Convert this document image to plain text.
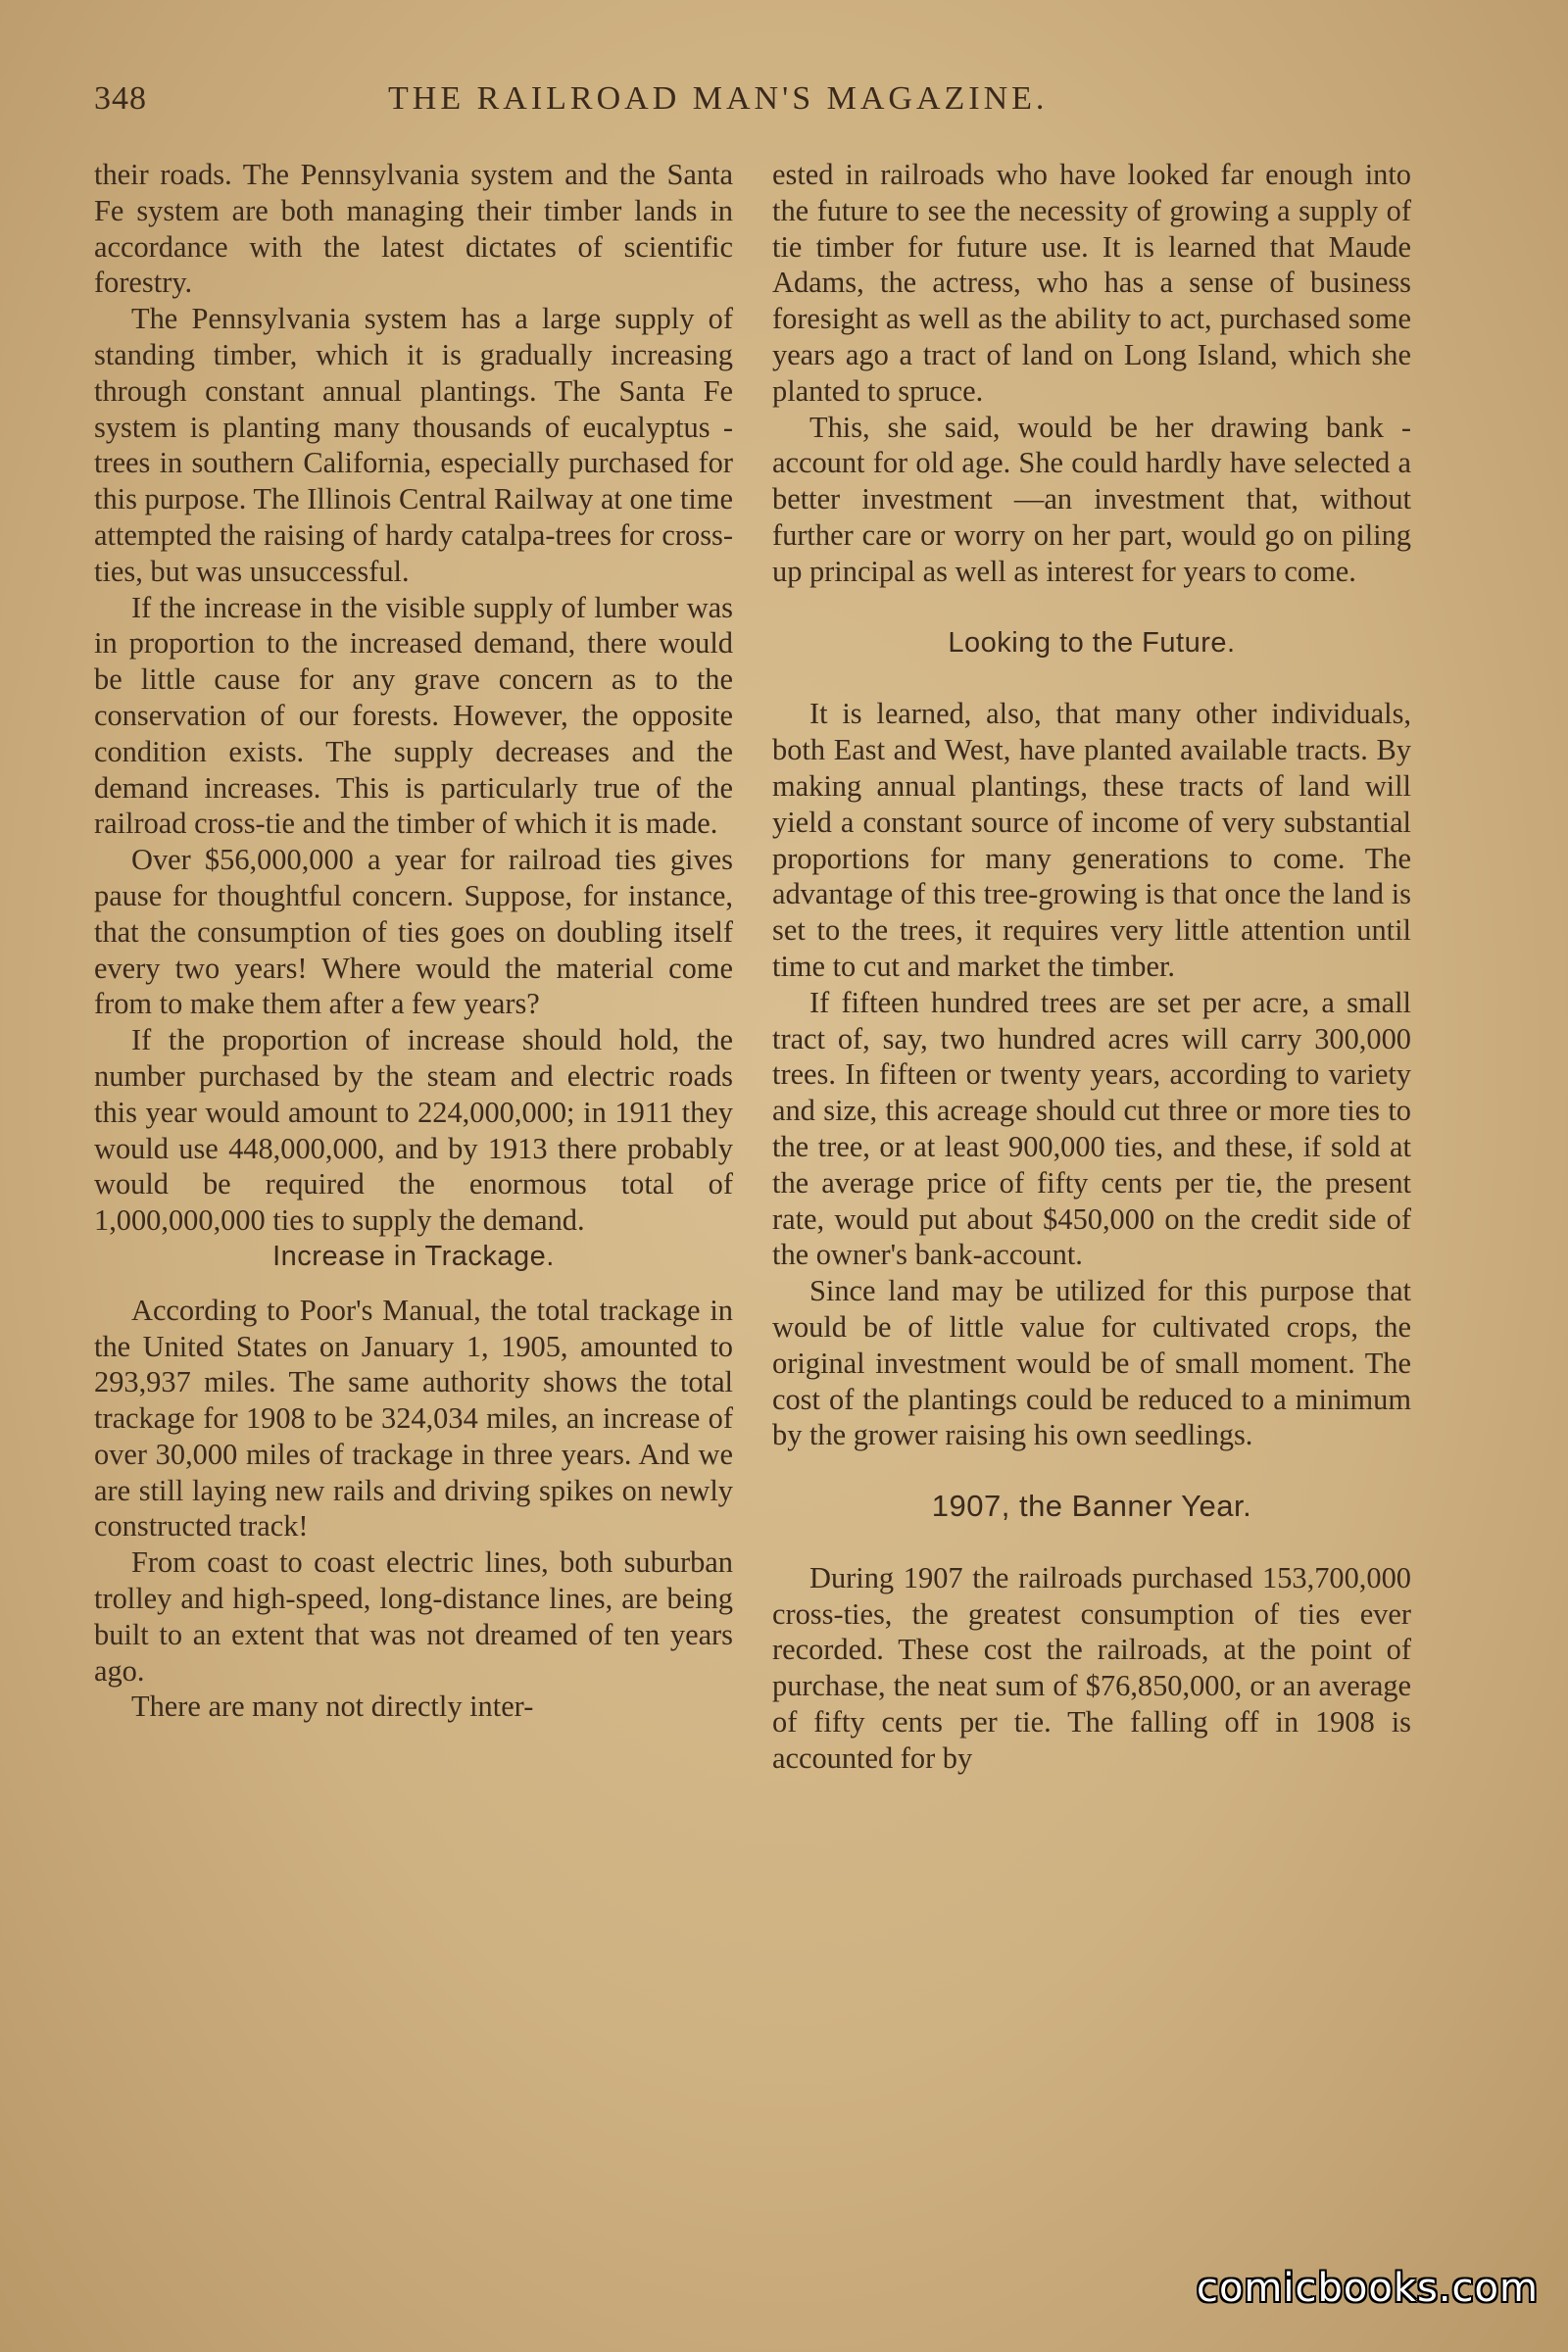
348	THE RAILROAD MAN'S MAGAZINE.

their roads. The Pennsylvania system and the Santa Fe system are both managing their timber lands in accordance with the latest dictates of scientific forestry.

The Pennsylvania system has a large supply of standing timber, which it is gradually increasing through constant annual plantings. The Santa Fe system is planting many thousands of eucalyptus - trees in southern California, especially purchased for this purpose. The Illinois Central Railway at one time attempted the raising of hardy catalpa-trees for cross-ties, but was unsuccessful.

If the increase in the visible supply of lumber was in proportion to the increased demand, there would be little cause for any grave concern as to the conservation of our forests. However, the opposite condition exists. The supply decreases and the demand increases. This is particularly true of the railroad cross-tie and the timber of which it is made.

Over $56,000,000 a year for railroad ties gives pause for thoughtful concern. Suppose, for instance, that the consumption of ties goes on doubling itself every two years! Where would the material come from to make them after a few years?

If the proportion of increase should hold, the number purchased by the steam and electric roads this year would amount to 224,000,000; in 1911 they would use 448,000,000, and by 1913 there probably would be required the enormous total of 1,000,000,000 ties to supply the demand.

Increase in Trackage.

According to Poor's Manual, the total trackage in the United States on January 1, 1905, amounted to 293,937 miles. The same authority shows the total trackage for 1908 to be 324,034 miles, an increase of over 30,000 miles of trackage in three years. And we are still laying new rails and driving spikes on newly constructed track!

From coast to coast electric lines, both suburban trolley and high-speed, long-distance lines, are being built to an extent that was not dreamed of ten years ago.

There are many not directly inter-

ested in railroads who have looked far enough into the future to see the necessity of growing a supply of tie timber for future use. It is learned that Maude Adams, the actress, who has a sense of business foresight as well as the ability to act, purchased some years ago a tract of land on Long Island, which she planted to spruce.

This, she said, would be her drawing bank - account for old age. She could hardly have selected a better investment —an investment that, without further care or worry on her part, would go on piling up principal as well as interest for years to come.

Looking to the Future.

It is learned, also, that many other individuals, both East and West, have planted available tracts. By making annual plantings, these tracts of land will yield a constant source of income of very substantial proportions for many generations to come. The advantage of this tree-growing is that once the land is set to the trees, it requires very little attention until time to cut and market the timber.

If fifteen hundred trees are set per acre, a small tract of, say, two hundred acres will carry 300,000 trees. In fifteen or twenty years, according to variety and size, this acreage should cut three or more ties to the tree, or at least 900,000 ties, and these, if sold at the average price of fifty cents per tie, the present rate, would put about $450,000 on the credit side of the owner's bank-account.

Since land may be utilized for this purpose that would be of little value for cultivated crops, the original investment would be of small moment. The cost of the plantings could be reduced to a minimum by the grower raising his own seedlings.

1907, the Banner Year.

During 1907 the railroads purchased 153,700,000 cross-ties, the greatest consumption of ties ever recorded. These cost the railroads, at the point of purchase, the neat sum of $76,850,000, or an average of fifty cents per tie. The falling off in 1908 is accounted for by

comicbooks.com
